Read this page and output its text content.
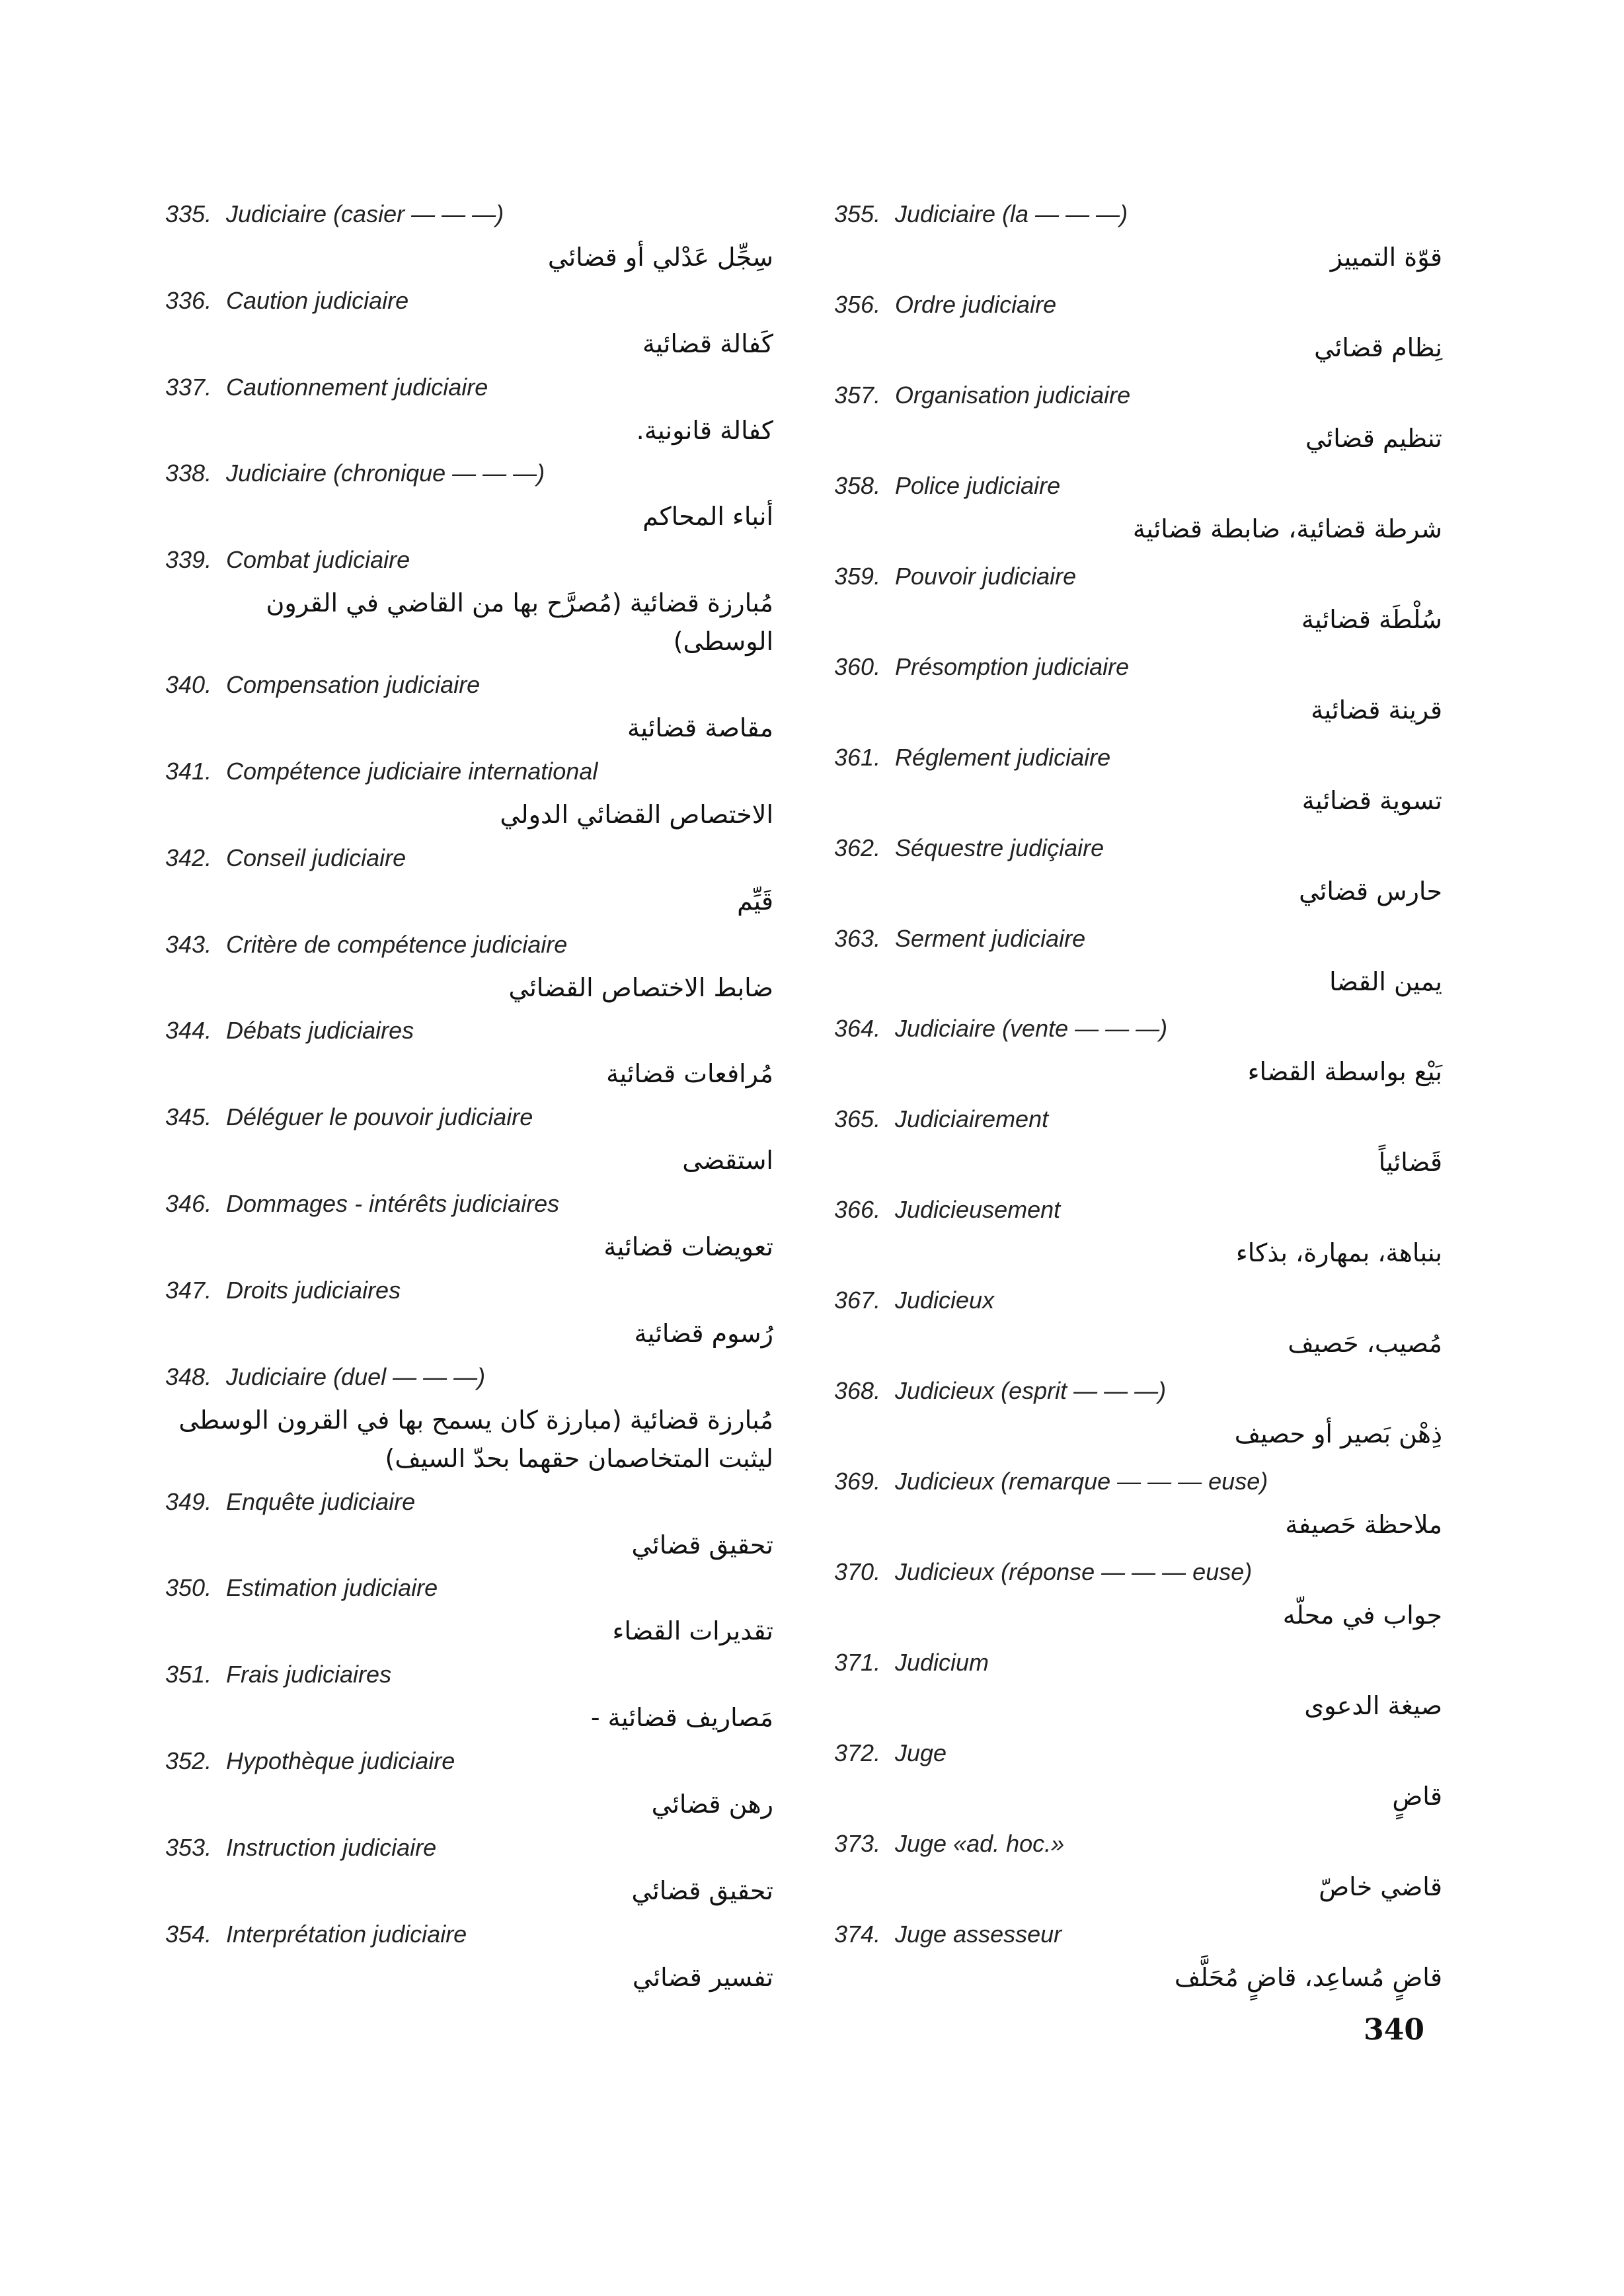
335. Judiciaire (casier — — —)
سِجِّل عَدْلي أو قضائي
336. Caution judiciaire
كَفالة قضائية
337. Cautionnement judiciaire
كفالة قانونية.
338. Judiciaire (chronique — — —)
أنباء المحاكم
339. Combat judiciaire
مُبارزة قضائية (مُصرَّح بها من القاضي في القرون الوسطى)
340. Compensation judiciaire
مقاصة قضائية
341. Compétence judiciaire international
الاختصاص القضائي الدولي
342. Conseil judiciaire
قَيِّم
343. Critère de compétence judiciaire
ضابط الاختصاص القضائي
344. Débats judiciaires
مُرافعات قضائية
345. Déléguer le pouvoir judiciaire
استقضى
346. Dommages - intérêts judiciaires
تعويضات قضائية
347. Droits judiciaires
رُسوم قضائية
348. Judiciaire (duel — — —)
مُبارزة قضائية (مبارزة كان يسمح بها في القرون الوسطى ليثبت المتخاصمان حقهما بحدّ السيف)
349. Enquête judiciaire
تحقيق قضائي
350. Estimation judiciaire
تقديرات القضاء
351. Frais judiciaires
مَصاريف قضائية -
352. Hypothèque judiciaire
رهن قضائي
353. Instruction judiciaire
تحقيق قضائي
354. Interprétation judiciaire
تفسير قضائي
355. Judiciaire (la — — —)
قوّة التمييز
356. Ordre judiciaire
نِظام قضائي
357. Organisation judiciaire
تنظيم قضائي
358. Police judiciaire
شرطة قضائية، ضابطة قضائية
359. Pouvoir judiciaire
سُلْطَة قضائية
360. Présomption judiciaire
قرينة قضائية
361. Réglement judiciaire
تسوية قضائية
362. Séquestre judiçiaire
حارس قضائي
363. Serment judiciaire
يمين القضا
364. Judiciaire (vente — — —)
بَيْع بواسطة القضاء
365. Judiciairement
قَضائياً
366. Judicieusement
بنباهة، بمهارة، بذكاء
367. Judicieux
مُصيب، حَصيف
368. Judicieux (esprit — — —)
ذِهْن بَصير أو حصيف
369. Judicieux (remarque — — — euse)
ملاحظة حَصيفة
370. Judicieux (réponse — — — euse)
جواب في محلّه
371. Judicium
صيغة الدعوى
372. Juge
قاضٍ
373. Juge «ad. hoc.»
قاضي خاصّ
374. Juge assesseur
قاضٍ مُساعِد، قاضٍ مُحَلَّف
340
